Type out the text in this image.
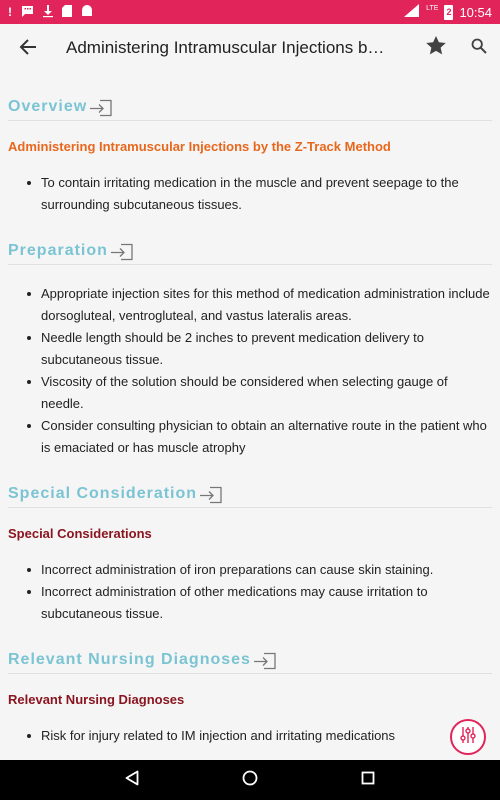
!	LTE 2 10:54
Administering Intramuscular Injections b…
Overview
Administering Intramuscular Injections by the Z-Track Method
To contain irritating medication in the muscle and prevent seepage to the surrounding subcutaneous tissues.
Preparation
Appropriate injection sites for this method of medication administration include dorsogluteal, ventrogluteal, and vastus lateralis areas.
Needle length should be 2 inches to prevent medication delivery to subcutaneous tissue.
Viscosity of the solution should be considered when selecting gauge of needle.
Consider consulting physician to obtain an alternative route in the patient who is emaciated or has muscle atrophy
Special Consideration
Special Considerations
Incorrect administration of iron preparations can cause skin staining.
Incorrect administration of other medications may cause irritation to subcutaneous tissue.
Relevant Nursing Diagnoses
Relevant Nursing Diagnoses
Risk for injury related to IM injection and irritating medications
